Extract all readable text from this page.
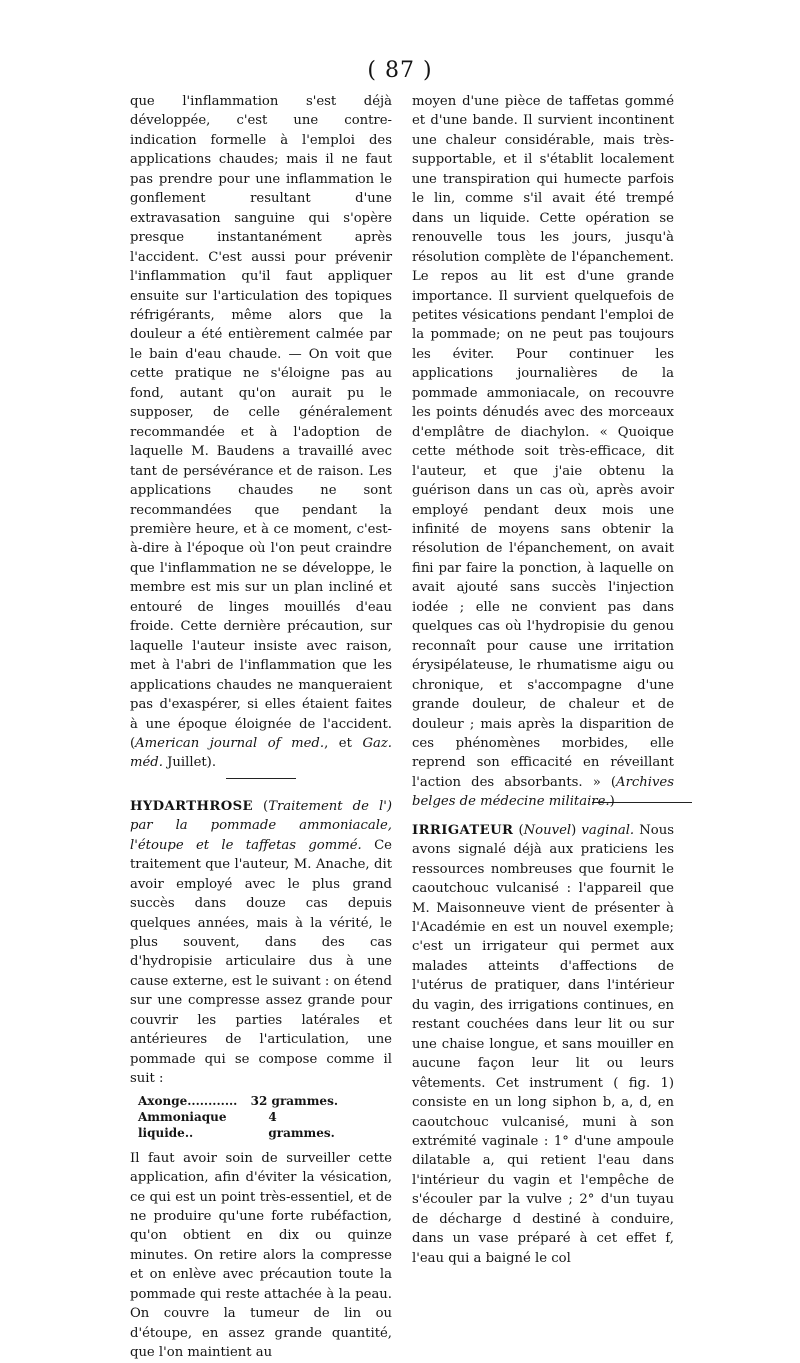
( 87 )

que l'inflammation s'est déjà développée, c'est une contre-indication formelle à l'emploi des applications chaudes; mais il ne faut pas prendre pour une inflammation le gonflement resultant d'une extravasation sanguine qui s'opère presque instantanément après l'accident. C'est aussi pour prévenir l'inflammation qu'il faut appliquer ensuite sur l'articulation des topiques réfrigérants, même alors que la douleur a été entièrement calmée par le bain d'eau chaude. — On voit que cette pratique ne s'éloigne pas au fond, autant qu'on aurait pu le supposer, de celle généralement recommandée et à l'adoption de laquelle M. Baudens a travaillé avec tant de persévérance et de raison. Les applications chaudes ne sont recommandées que pendant la première heure, et à ce moment, c'est-à-dire à l'époque où l'on peut craindre que l'inflammation ne se développe, le membre est mis sur un plan incliné et entouré de linges mouillés d'eau froide. Cette dernière précaution, sur laquelle l'auteur insiste avec raison, met à l'abri de l'inflammation que les applications chaudes ne manqueraient pas d'exaspérer, si elles étaient faites à une époque éloignée de l'accident. (American journal of med., et Gaz. méd. Juillet).

HYDARTHROSE (Traitement de l') par la pommade ammoniacale, l'étoupe et le taffetas gommé. Ce traitement que l'auteur, M. Anache, dit avoir employé avec le plus grand succès dans douze cas depuis quelques années, mais à la vérité, le plus souvent, dans des cas d'hydropisie articulaire dus à une cause externe, est le suivant : on étend sur une compresse assez grande pour couvrir les parties latérales et antérieures de l'articulation, une pommade qui se compose comme il suit :

Axonge............ 32 grammes.
Ammoniaque liquide..
4 grammes.

Il faut avoir soin de surveiller cette application, afin d'éviter la vésication, ce qui est un point très-essentiel, et de ne produire qu'une forte rubéfaction, qu'on obtient en dix ou quinze minutes. On retire alors la compresse et on enlève avec précaution toute la pommade qui reste attachée à la peau. On couvre la tumeur de lin ou d'étoupe, en assez grande quantité, que l'on maintient au

moyen d'une pièce de taffetas gommé et d'une bande. Il survient incontinent une chaleur considérable, mais très-supportable, et il s'établit localement une transpiration qui humecte parfois le lin, comme s'il avait été trempé dans un liquide. Cette opération se renouvelle tous les jours, jusqu'à résolution complète de l'épanchement. Le repos au lit est d'une grande importance. Il survient quelquefois de petites vésications pendant l'emploi de la pommade; on ne peut pas toujours les éviter. Pour continuer les applications journalières de la pommade ammoniacale, on recouvre les points dénudés avec des morceaux d'emplâtre de diachylon. « Quoique cette méthode soit très-efficace, dit l'auteur, et que j'aie obtenu la guérison dans un cas où, après avoir employé pendant deux mois une infinité de moyens sans obtenir la résolution de l'épanchement, on avait fini par faire la ponction, à laquelle on avait ajouté sans succès l'injection iodée ; elle ne convient pas dans quelques cas où l'hydropisie du genou reconnaît pour cause une irritation érysipélateuse, le rhumatisme aigu ou chronique, et s'accompagne d'une grande douleur, de chaleur et de douleur ; mais après la disparition de ces phénomènes morbides, elle reprend son efficacité en réveillant l'action des absorbants. » (Archives belges de médecine militaire.)

IRRIGATEUR (Nouvel) vaginal. Nous avons signalé déjà aux praticiens les ressources nombreuses que fournit le caoutchouc vulcanisé : l'appareil que M. Maisonneuve vient de présenter à l'Académie en est un nouvel exemple; c'est un irrigateur qui permet aux malades atteints d'affections de l'utérus de pratiquer, dans l'intérieur du vagin, des irrigations continues, en restant couchées dans leur lit ou sur une chaise longue, et sans mouiller en aucune façon leur lit ou leurs vêtements. Cet instrument ( fig. 1) consiste en un long siphon b, a, d, en caoutchouc vulcanisé, muni à son extrémité vaginale : 1° d'une ampoule dilatable a, qui retient l'eau dans l'intérieur du vagin et l'empêche de s'écouler par la vulve ; 2° d'un tuyau de décharge d destiné à conduire, dans un vase préparé à cet effet f, l'eau qui a baigné le col
